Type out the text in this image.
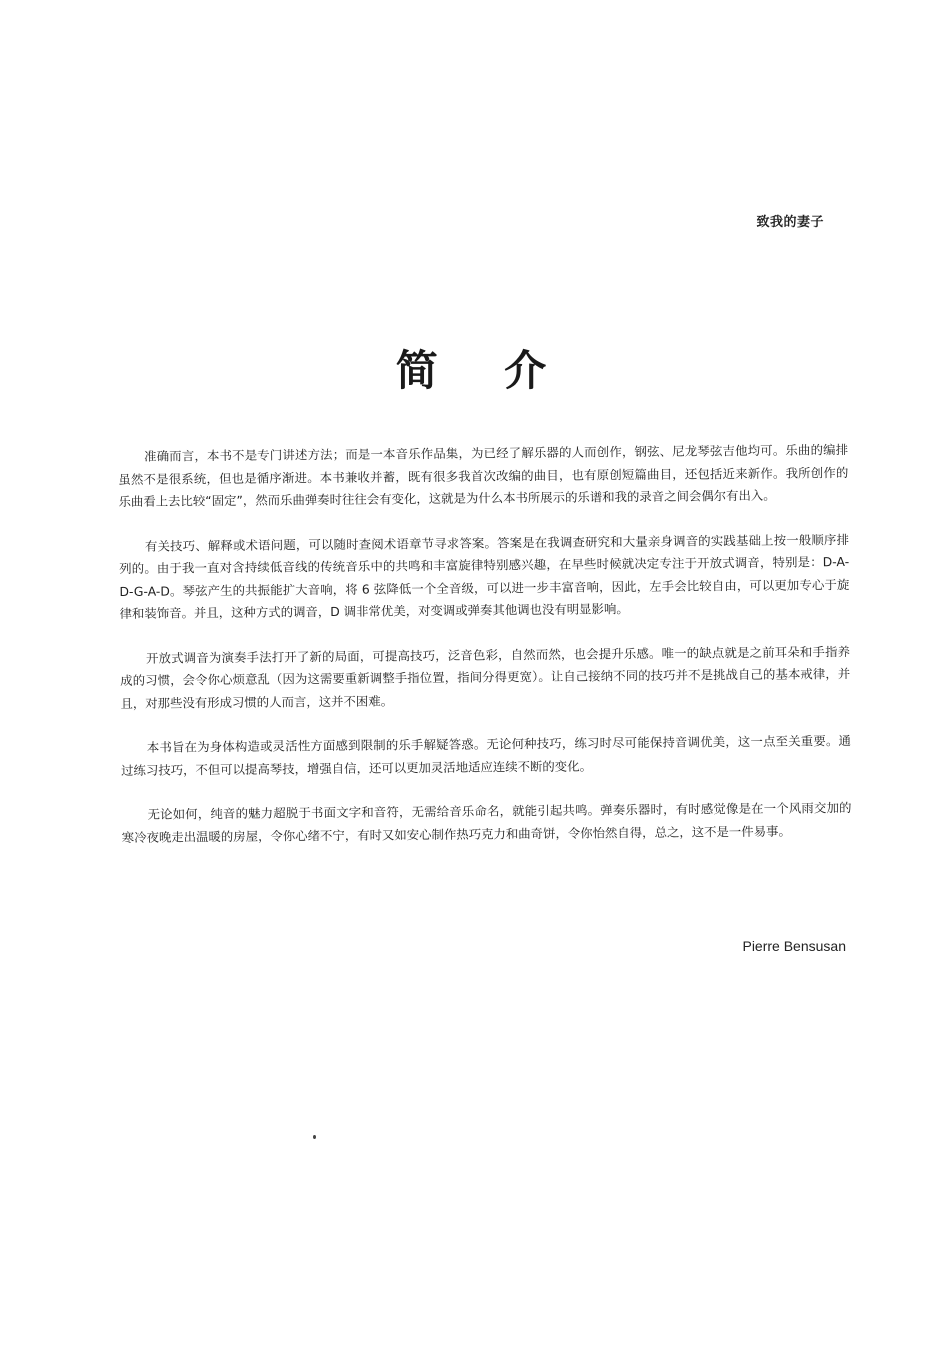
致我的妻子
简 介

准确而言，本书不是专门讲述方法；而是一本音乐作品集，为已经了解乐器的人而创作，钢弦、尼龙琴弦吉他均可。乐曲的编排虽然不是很系统，但也是循序渐进。本书兼收并蓄，既有很多我首次改编的曲目，也有原创短篇曲目，还包括近来新作。我所创作的乐曲看上去比较“固定”，然而乐曲弹奏时往往会有变化，这就是为什么本书所展示的乐谱和我的录音之间会偶尔有出入。

有关技巧、解释或术语问题，可以随时查阅术语章节寻求答案。答案是在我调查研究和大量亲身调音的实践基础上按一般顺序排列的。由于我一直对含持续低音线的传统音乐中的共鸣和丰富旋律特别感兴趣，在早些时候就决定专注于开放式调音，特别是：D-A-D-G-A-D。琴弦产生的共振能扩大音响，将 6 弦降低一个全音级，可以进一步丰富音响，因此，左手会比较自由，可以更加专心于旋律和装饰音。并且，这种方式的调音，D 调非常优美，对变调或弹奏其他调也没有明显影响。

开放式调音为演奏手法打开了新的局面，可提高技巧，泛音色彩，自然而然，也会提升乐感。唯一的缺点就是之前耳朵和手指养成的习惯，会令你心烦意乱（因为这需要重新调整手指位置，指间分得更宽）。让自己接纳不同的技巧并不是挑战自己的基本戒律，并且，对那些没有形成习惯的人而言，这并不困难。

本书旨在为身体构造或灵活性方面感到限制的乐手解疑答惑。无论何种技巧，练习时尽可能保持音调优美，这一点至关重要。通过练习技巧，不但可以提高琴技，增强自信，还可以更加灵活地适应连续不断的变化。

无论如何，纯音的魅力超脱于书面文字和音符，无需给音乐命名，就能引起共鸣。弹奏乐器时，有时感觉像是在一个风雨交加的寒冷夜晚走出温暖的房屋，令你心绪不宁，有时又如安心制作热巧克力和曲奇饼，令你怡然自得，总之，这不是一件易事。

Pierre Bensusan
